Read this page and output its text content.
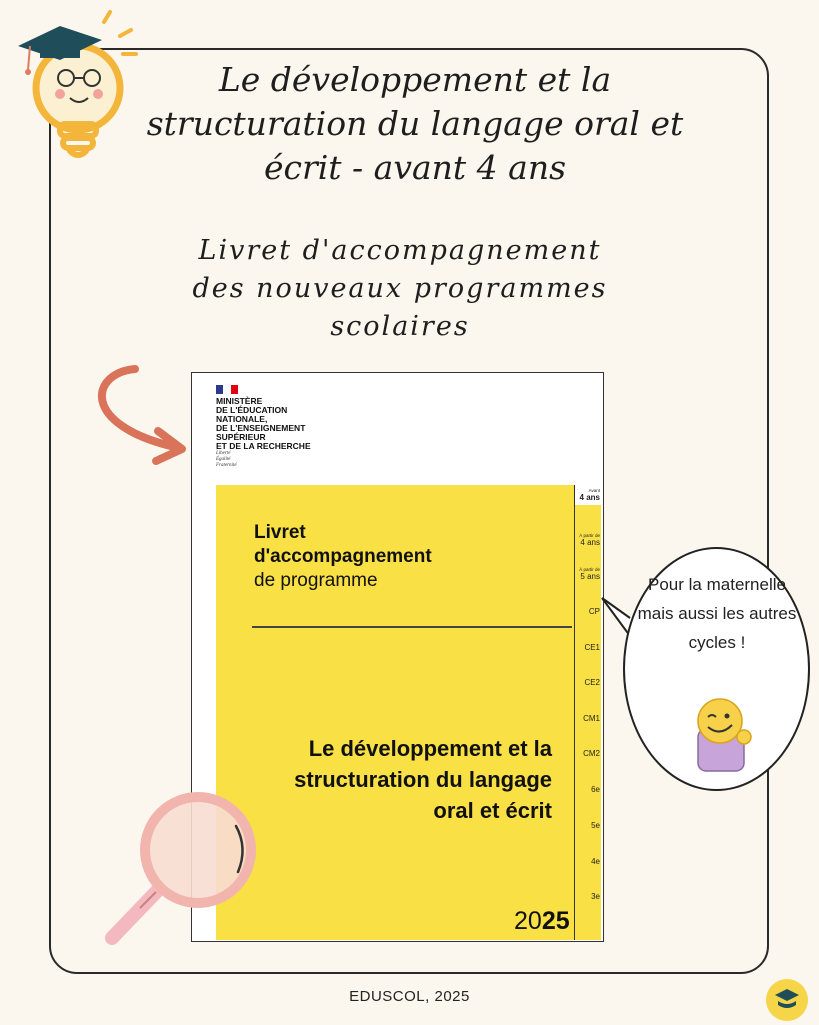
Le développement et la structuration du langage oral et écrit - avant 4 ans
Livret d'accompagnement des nouveaux programmes scolaires
MINISTÈRE
DE L'ÉDUCATION
NATIONALE,
DE L'ENSEIGNEMENT
SUPÉRIEUR
ET DE LA RECHERCHE
Liberté
Égalité
Fraternité
Livret
d'accompagnement
de programme
Le développement et la structuration du langage oral et écrit
2025
Avant
4 ans
À partir de
4 ans
À partir de
5 ans
CP
CE1
CE2
CM1
CM2
6e
5e
4e
3e
Pour la maternelle mais aussi les autres cycles !
EDUSCOL, 2025
